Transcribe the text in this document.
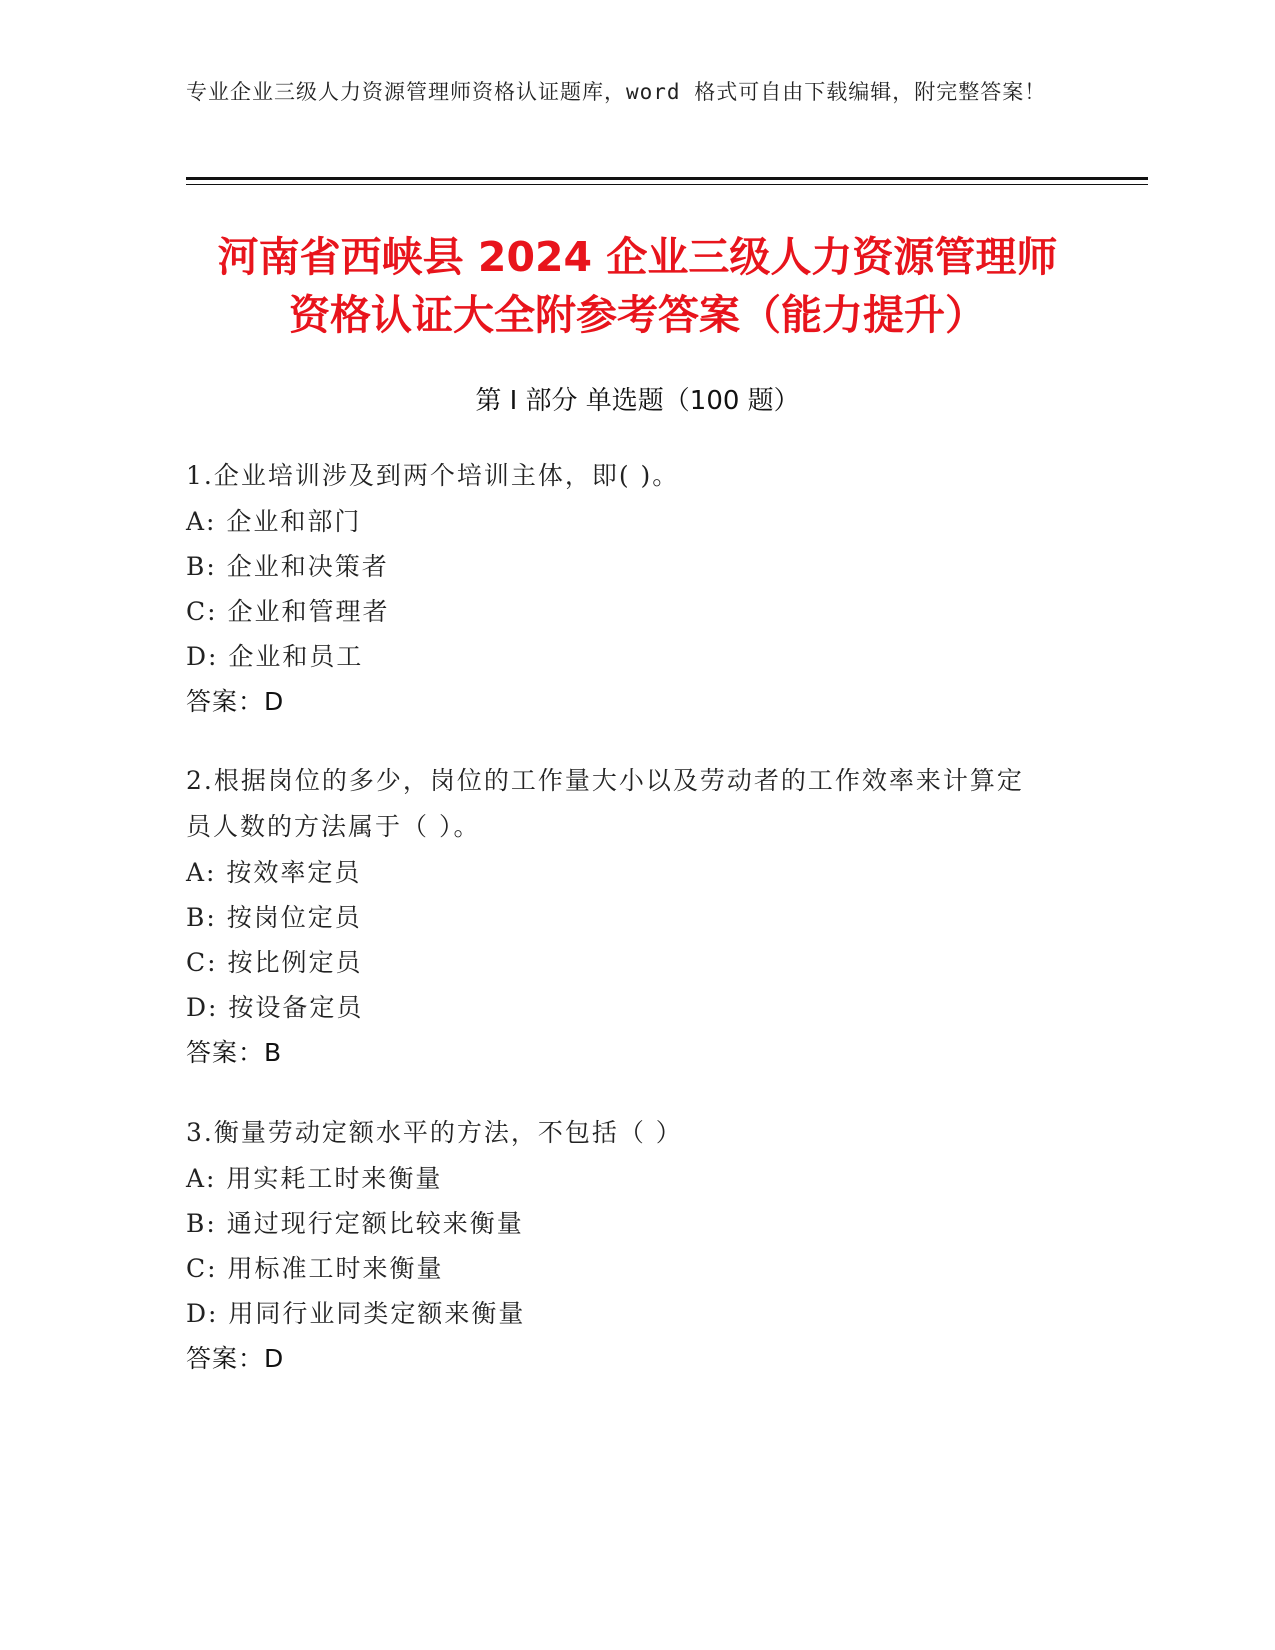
专业企业三级人力资源管理师资格认证题库，word 格式可自由下载编辑，附完整答案！
河南省西峡县 2024 企业三级人力资源管理师
资格认证大全附参考答案（能力提升）
第 I 部分 单选题（100 题）
1.企业培训涉及到两个培训主体，即( )。
A: 企业和部门
B: 企业和决策者
C: 企业和管理者
D: 企业和员工
答案：D
2.根据岗位的多少，岗位的工作量大小以及劳动者的工作效率来计算定员人数的方法属于（ ）。
A: 按效率定员
B: 按岗位定员
C: 按比例定员
D: 按设备定员
答案：B
3.衡量劳动定额水平的方法，不包括（ ）
A: 用实耗工时来衡量
B: 通过现行定额比较来衡量
C: 用标准工时来衡量
D: 用同行业同类定额来衡量
答案：D
